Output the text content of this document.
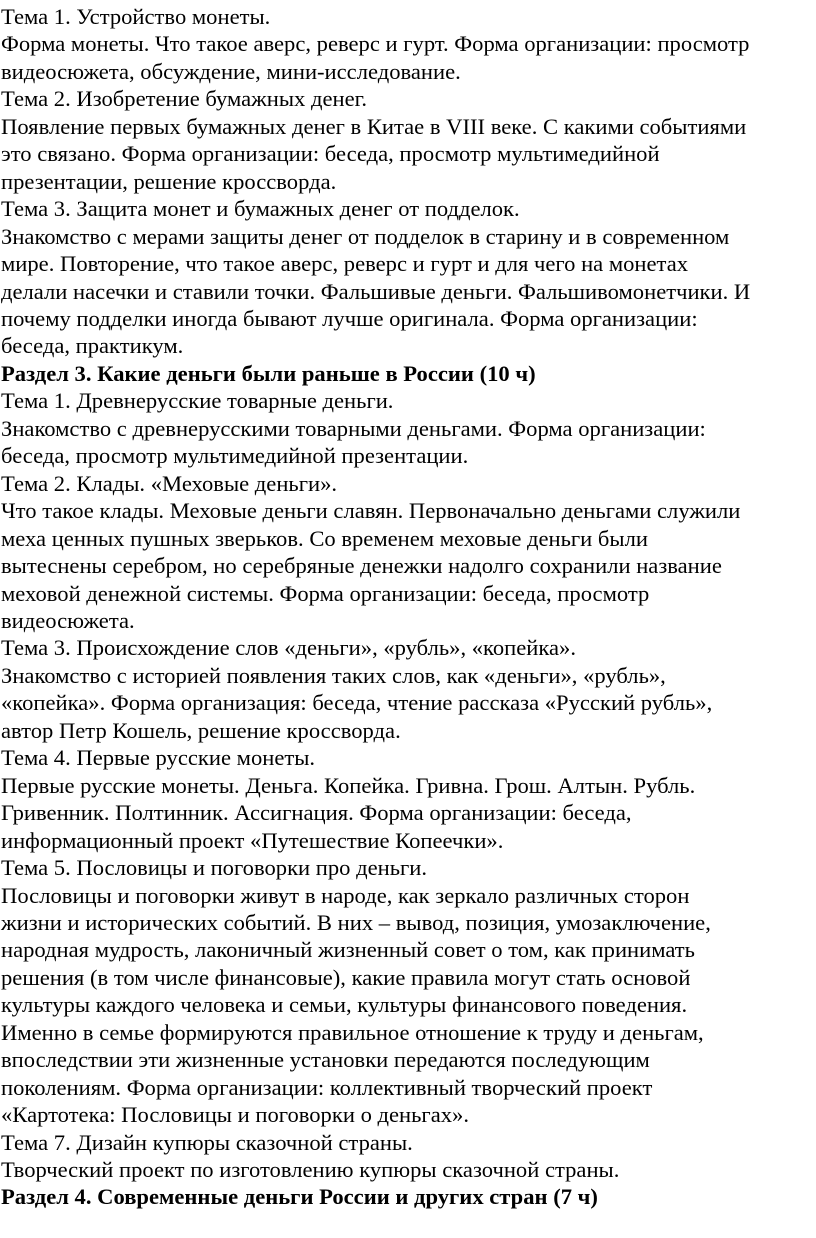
Тема 1. Устройство монеты.

Форма монеты. Что такое аверс, реверс и гурт. Форма организации: просмотр

видеосюжета, обсуждение, мини-исследование.

Тема 2. Изобретение бумажных денег.

Появление первых бумажных денег в Китае в VIII веке. С какими событиями

это связано. Форма организации: беседа, просмотр мультимедийной

презентации, решение кроссворда.

Тема 3. Защита монет и бумажных денег от подделок.

Знакомство с мерами защиты денег от подделок в старину и в современном

мире. Повторение, что такое аверс, реверс и гурт и для чего на монетах

делали насечки и ставили точки. Фальшивые деньги. Фальшивомонетчики. И

почему подделки иногда бывают лучше оригинала. Форма организации:

беседа, практикум.

Раздел 3. Какие деньги были раньше в России (10 ч)

Тема 1. Древнерусские товарные деньги.

Знакомство с древнерусскими товарными деньгами. Форма организации:

беседа, просмотр мультимедийной презентации.

Тема 2. Клады. «Меховые деньги».

Что такое клады. Меховые деньги славян. Первоначально деньгами служили

меха ценных пушных зверьков. Со временем меховые деньги были

вытеснены серебром, но серебряные денежки надолго сохранили название

меховой денежной системы. Форма организации: беседа, просмотр

видеосюжета.

Тема 3. Происхождение слов «деньги», «рубль», «копейка».

Знакомство с историей появления таких слов, как «деньги», «рубль»,

«копейка». Форма организация: беседа, чтение рассказа «Русский рубль»,

автор Петр Кошель, решение кроссворда.

Тема 4. Первые русские монеты.

Первые русские монеты. Деньга. Копейка. Гривна. Грош. Алтын. Рубль.

Гривенник. Полтинник. Ассигнация. Форма организации: беседа,

информационный проект «Путешествие Копеечки».

Тема 5. Пословицы и поговорки про деньги.

Пословицы и поговорки живут в народе, как зеркало различных сторон

жизни и исторических событий. В них – вывод, позиция, умозаключение,

народная мудрость, лаконичный жизненный совет о том, как принимать

решения (в том числе финансовые), какие правила могут стать основой

культуры каждого человека и семьи, культуры финансового поведения.

Именно в семье формируются правильное отношение к труду и деньгам,

впоследствии эти жизненные установки передаются последующим

поколениям. Форма организации: коллективный творческий проект

«Картотека: Пословицы и поговорки о деньгах».

Тема 7. Дизайн купюры сказочной страны.

Творческий проект по изготовлению купюры сказочной страны.

Раздел 4. Современные деньги России и других стран (7 ч)
